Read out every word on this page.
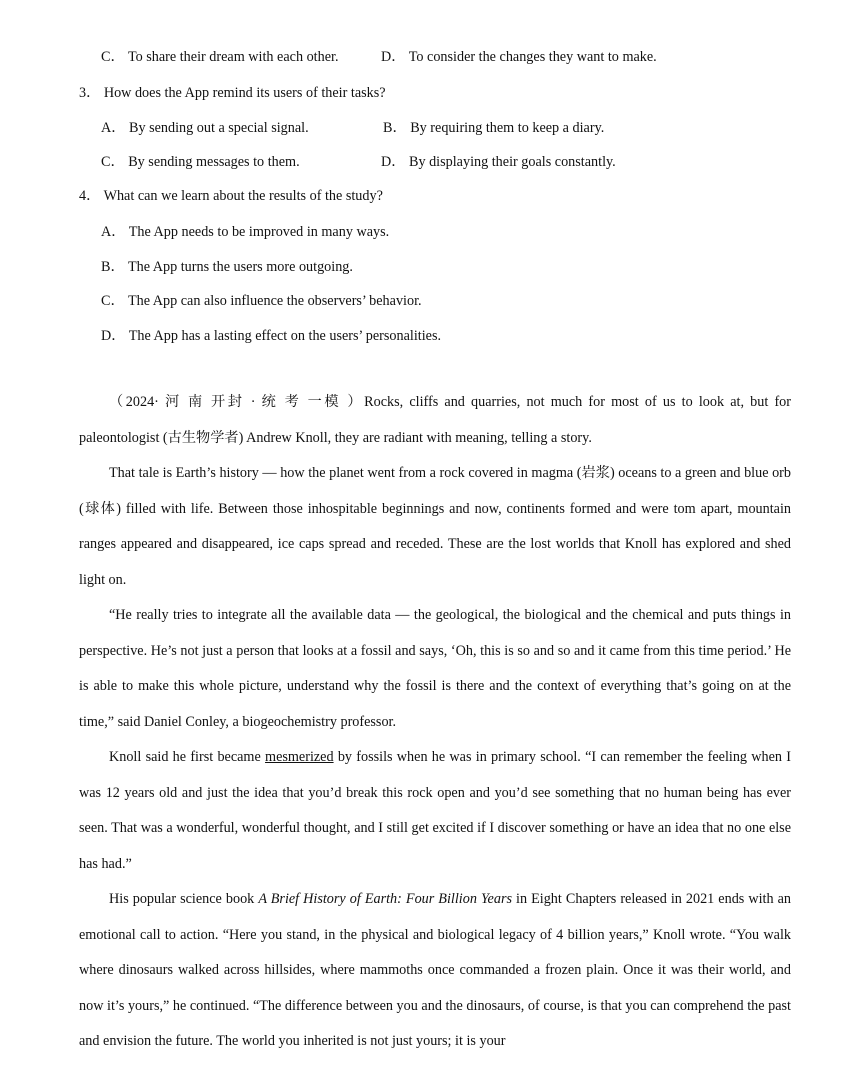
C． To share their dream with each other.	D． To consider the changes they want to make.
3． How does the App remind its users of their tasks?
A． By sending out a special signal.	B． By requiring them to keep a diary.
C． By sending messages to them.	D． By displaying their goals constantly.
4． What can we learn about the results of the study?
A． The App needs to be improved in many ways.
B． The App turns the users more outgoing.
C． The App can also influence the observers’ behavior.
D． The App has a lasting effect on the users’ personalities.

（2024· 河 南 开封 · 统 考 一模 ）Rocks, cliffs and quarries, not much for most of us to look at, but for paleontologist (古生物学者) Andrew Knoll, they are radiant with meaning, telling a story.

That tale is Earth’s history — how the planet went from a rock covered in magma (岩浆) oceans to a green and blue orb (球体) filled with life. Between those inhospitable beginnings and now, continents formed and were tom apart, mountain ranges appeared and disappeared, ice caps spread and receded. These are the lost worlds that Knoll has explored and shed light on.

“He really tries to integrate all the available data — the geological, the biological and the chemical and puts things in perspective. He’s not just a person that looks at a fossil and says, ‘Oh, this is so and so and it came from this time period.’ He is able to make this whole picture, understand why the fossil is there and the context of everything that’s going on at the time,” said Daniel Conley, a biogeochemistry professor.

Knoll said he first became mesmerized by fossils when he was in primary school. “I can remember the feeling when I was 12 years old and just the idea that you’d break this rock open and you’d see something that no human being has ever seen. That was a wonderful, wonderful thought, and I still get excited if I discover something or have an idea that no one else has had.”

His popular science book A Brief History of Earth: Four Billion Years in Eight Chapters released in 2021 ends with an emotional call to action. “Here you stand, in the physical and biological legacy of 4 billion years,” Knoll wrote. “You walk where dinosaurs walked across hillsides, where mammoths once commanded a frozen plain. Once it was their world, and now it’s yours,” he continued. “The difference between you and the dinosaurs, of course, is that you can comprehend the past and envision the future. The world you inherited is not just yours; it is your
